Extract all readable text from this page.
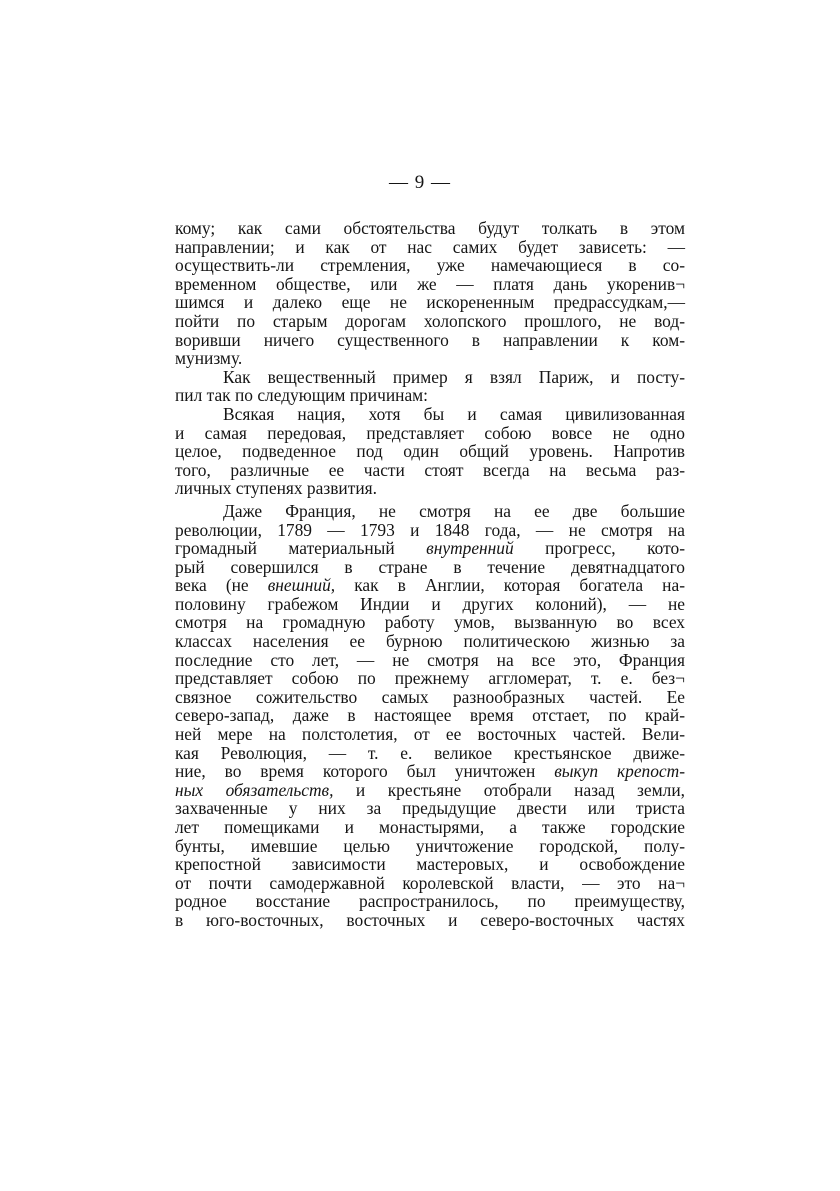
— 9 —
кому; как сами обстоятельства будут толкать в этом
направлении; и как от нас самих будет зависеть: —
осуществить-ли стремления, уже намечающиеся в со-
временном обществе, или же — платя дань укоренив¬
шимся и далеко еще не искорененным предрассудкам,—
пойти по старым дорогам холопского прошлого, не вод-
воривши ничего существенного в направлении к ком-
мунизму.
Как вещественный пример я взял Париж, и посту-
пил так по следующим причинам:
Всякая нация, хотя бы и самая цивилизованная
и самая передовая, представляет собою вовсе не одно
целое, подведенное под один общий уровень. Напротив
того, различные ее части стоят всегда на весьма раз-
личных ступенях развития.
Даже Франция, не смотря на ее две большие
революции, 1789 — 1793 и 1848 года, — не смотря на
громадный материальный внутренний прогресс, кото-
рый совершился в стране в течение девятнадцатого
века (не внешний, как в Англии, которая богатела на-
половину грабежом Индии и других колоний), — не
смотря на громадную работу умов, вызванную во всех
классах населения ее бурною политическою жизнью за
последние сто лет, — не смотря на все это, Франция
представляет собою по прежнему аггломерат, т. е. без¬
связное сожительство самых разнообразных частей. Ее
северо-запад, даже в настоящее время отстает, по край-
ней мере на полстолетия, от ее восточных частей. Вели-
кая Революция, — т. е. великое крестьянское движе-
ние, во время которого был уничтожен выкуп крепост-
ных обязательств, и крестьяне отобрали назад земли,
захваченные у них за предыдущие двести или триста
лет помещиками и монастырями, а также городские
бунты, имевшие целью уничтожение городской, полу-
крепостной зависимости мастеровых, и освобождение
от почти самодержавной королевской власти, — это на¬
родное восстание распространилось, по преимуществу,
в юго-восточных, восточных и северо-восточных частях
